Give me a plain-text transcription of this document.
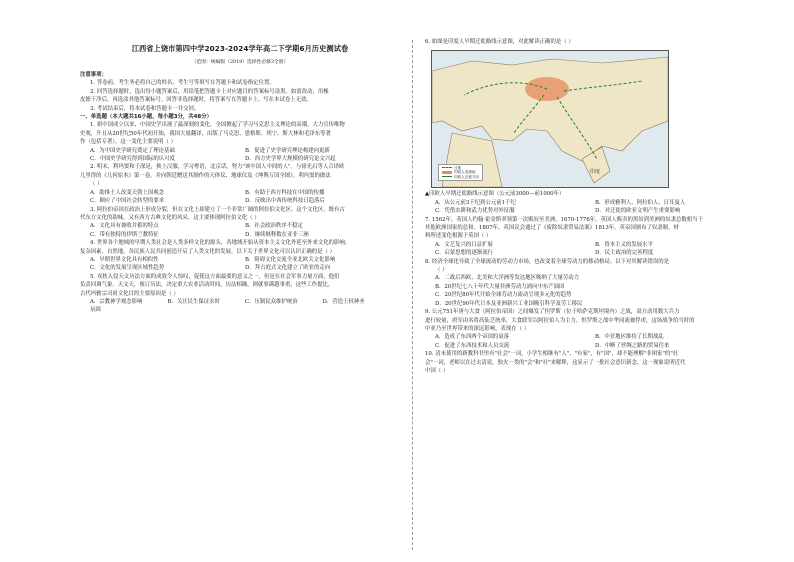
江西省上饶市第四中学2023-2024学年高二下学期6月历史测试卷
（范围：统编版（2019）选择性必修3全册）
注意事项：
1. 答卷前，考生务必将自己的姓名、考生号等填写在答题卡和试卷指定位置。
2. 回答选择题时，选出每小题答案后，用铅笔把答题卡上对应题目的答案标号涂黑。如需改动，用橡
皮擦干净后，再选涂其他答案标号。回答非选择题时，将答案写在答题卡上。写在本试卷上无效。
3. 考试结束后，将本试卷和答题卡一并交回。
一、单选题（本大题共16小题，每小题3分，共48分）
1. 新中国成立以来，中国史学出现了最深刻的变化，全国掀起了学习马克思主义理论的高潮，大力宣传唯物
史观，升且从20世纪50年代初开始，我国大量翻译，出版了马克思、恩格斯、列宁、斯大林和毛泽东等著
作（包括专著）。这一变化主要说明（ ）
A．为中国史学研究奠定了理论基础	B．促进了史学研究理论构建向更新
C．中国史学研究得到国际的认可度	D．西方史学界大规模的研究论文兴起
2. 明末，利玛窦和于深是，换上汉服，学习粤语，北京话，努力"该中国人中间的人"。与徐光启等人合译欧
几里得的《几何原本》第一卷，并向朝廷赠送其制作的天体仪、地球仪及《坤舆万国全图》。利玛窦的做法
（ ）
A．助推士人改变天朝上国观念	B．有助于西方科技在中国的传播
C．顺应了中国社会转型的要求	D．反映出中西传统科技日趋落后
3. 阿拉伯帝国在政治上形成分裂，但在文化上却建立了一个非常广阔的阿拉伯文化区。这个文化区，既有古
代东方文化的韵味，又有西方古典文化的风采。这主要体现阿拉伯文化（ ）
A．文化具有兼收并蓄的特点	B．社会政治秩序不稳定
C．带有独特的伊斯兰教特征	D．继续继释数在亚非三洲
4. 世界各个地域的早期人类社会是人类多样文化的源头，各地域开始从资本主义文化外延至外来文化的影响，
复杂因素，自然地，各民族人民共同创造开启了人类文化的发展。以下关于世界文化可以认识正确的是（ ）
A．早期世界文化具有相似性	B．阻碍文化交流全亚北欧关文化影响
C．文化的发展呈现区域性趋势	D．拜占庭式文化建立了欧亚的走向
5. 戎狄入侵天文历法方面的成效令人惊叹，促使这方面最要的意义之一，但是在社会军事力量方面，他们
负责回调气象，天文天，预订历法，决定重大农业活动时间，历法相确，则就事满越事重，这些工作提比，
古代玛雅宗司祖文化目的主要原因是（ ）
A．宗教神学观念影响	B．关注民生保证农时	C．压制民众维护统治	D．营造王权神圣
氛围
6. 如图是印度人早期迁徙路线示意图，对此解读正确的是（ ）
印度
迁徙
印欧人发源地
印欧人迁徙方向
▲印欧人早期迁徙路线示意图（公元前3000—前1000年）
A．从公元前3千纪到公元前1千纪	B．形成雅利人、阿拉伯人、日耳曼人
C．凭借农耕和武力优势对外征服	D．对迁徙的欧亚文明产生重要影响
7. 1562年，英国人约翰·霍金斯率领第一次贩奴至美洲，1670-1776年，英国人贩卖的黑奴到美洲的奴隶总数相当于
其他欧洲国家的总和。1807年，英国议会通过了《废除奴隶贸易法案》1813年，英帝国颁布了奴隶制，材
料所述变化根源于英国（ ）
A．文艺复兴的日益扩展	B．资本主义的发展水平
C．启蒙思想的逐渐流行	D．民主政治的完善程度
8. 经济全球化导致了全球流动的劳动力市场，也改变着全球劳动力的移动格局。以下对其解读错误的是
（ ）
A．二战后西欧、北美和大洋洲等发达地区吸纳了大量劳动力
B．20世纪七八十年代大量非洲劳动力涌向中东产油国
C．20世纪80年代开始全球劳动力流动呈现多元化的趋势
D．20世纪90年代日本及亚洲新兴工业国吸引科学及劳工移民
9. 公元751年唐与大食（阿拉伯帝国）之间爆发了怛罗斯（位于哈萨克斯坦境内）之战，双方动用数大兵力
进行较量，唐军由名将高仙芝统率，大食联军以阿拉伯人为主力，怛罗斯之战中华同流被俘虏，这场战争给当时的
中亚乃至世界带来的深远影响，表现在（ ）
A．造成了东西两个帝国的衰落	B．中亚地区维持了长期战乱
C．促进了东西技术和人员交流	D．中断了丝绸之路的贸易往来
10. 清末使用的新教科书里有"社会"一词，小学生相继有"人"、"有家"，有"国"，却不能理解"非困家"的"社
会"一词，老师以在过去清说，独火一类的"会"和"社"来解释，这显示了一批社会意识新念，这一现象说明近代
中国（ ）
